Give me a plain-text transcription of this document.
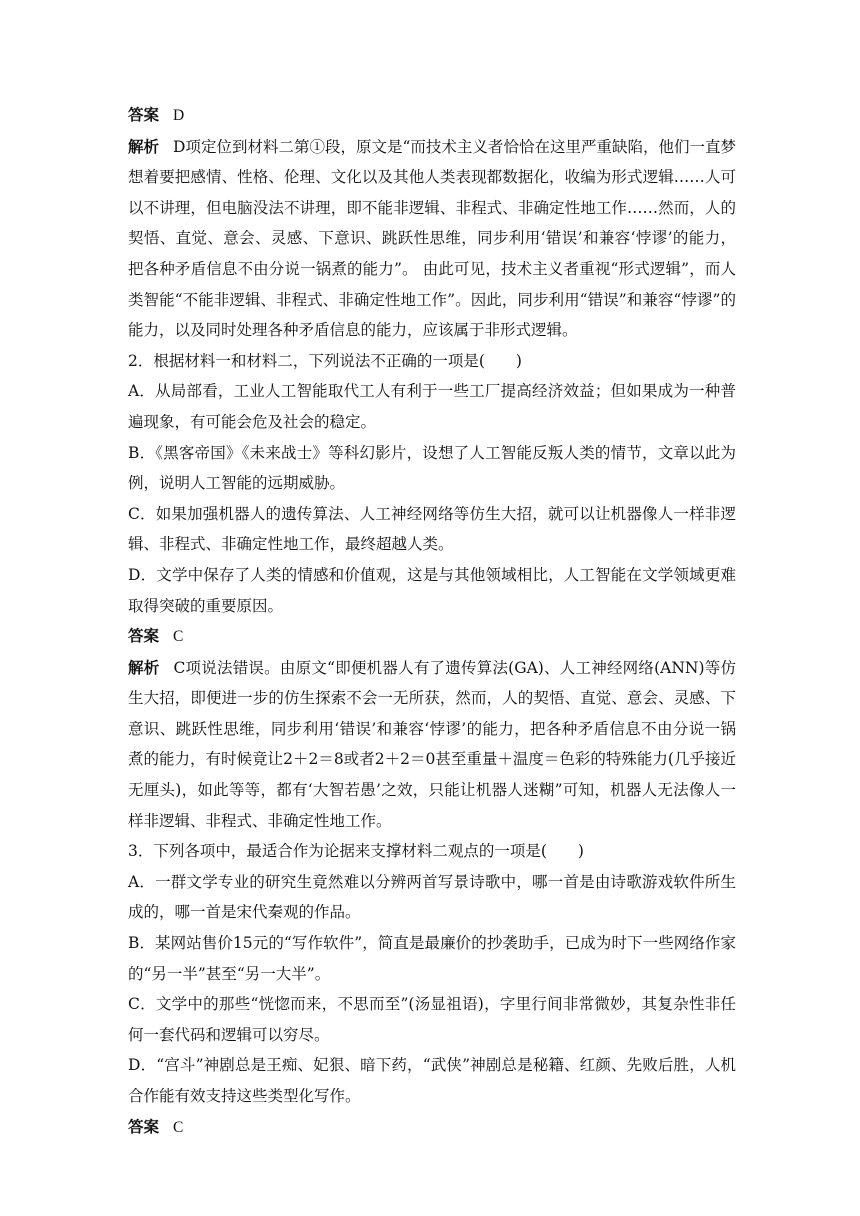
答案 D

解析 D项定位到材料二第①段，原文是“而技术主义者恰恰在这里严重缺陷，他们一直梦想着要把感情、性格、伦理、文化以及其他人类表现都数据化，收编为形式逻辑……人可以不讲理，但电脑没法不讲理，即不能非逻辑、非程式、非确定性地工作……然而，人的契悟、直觉、意会、灵感、下意识、跳跃性思维，同步利用‘错误’和兼容‘悖谬’的能力，把各种矛盾信息不由分说一锅煮的能力”。 由此可见，技术主义者重视“形式逻辑”，而人类智能“不能非逻辑、非程式、非确定性地工作”。因此，同步利用“错误”和兼容“悖谬”的能力，以及同时处理各种矛盾信息的能力，应该属于非形式逻辑。

2．根据材料一和材料二，下列说法不正确的一项是(　　)

A．从局部看，工业人工智能取代工人有利于一些工厂提高经济效益；但如果成为一种普遍现象，有可能会危及社会的稳定。

B．《黑客帝国》《未来战士》等科幻影片，设想了人工智能反叛人类的情节，文章以此为例，说明人工智能的远期威胁。

C．如果加强机器人的遗传算法、人工神经网络等仿生大招，就可以让机器像人一样非逻辑、非程式、非确定性地工作，最终超越人类。

D．文学中保存了人类的情感和价值观，这是与其他领域相比，人工智能在文学领域更难取得突破的重要原因。

答案 C

解析 C项说法错误。由原文“即便机器人有了遗传算法(GA)、人工神经网络(ANN)等仿生大招，即便进一步的仿生探索不会一无所获，然而，人的契悟、直觉、意会、灵感、下意识、跳跃性思维，同步利用‘错误’和兼容‘悖谬’的能力，把各种矛盾信息不由分说一锅煮的能力，有时候竟让2＋2＝8或者2＋2＝0甚至重量＋温度＝色彩的特殊能力(几乎接近无厘头)，如此等等，都有‘大智若愚’之效，只能让机器人迷糊”可知，机器人无法像人一样非逻辑、非程式、非确定性地工作。

3．下列各项中，最适合作为论据来支撑材料二观点的一项是(　　)

A．一群文学专业的研究生竟然难以分辨两首写景诗歌中，哪一首是由诗歌游戏软件所生成的，哪一首是宋代秦观的作品。

B．某网站售价15元的“写作软件”，简直是最廉价的抄袭助手，已成为时下一些网络作家的“另一半”甚至“另一大半”。

C．文学中的那些“恍惚而来，不思而至”(汤显祖语)，字里行间非常微妙，其复杂性非任何一套代码和逻辑可以穷尽。

D．“宫斗”神剧总是王痴、妃狠、暗下药，“武侠”神剧总是秘籍、红颜、先败后胜，人机合作能有效支持这些类型化写作。

答案 C
